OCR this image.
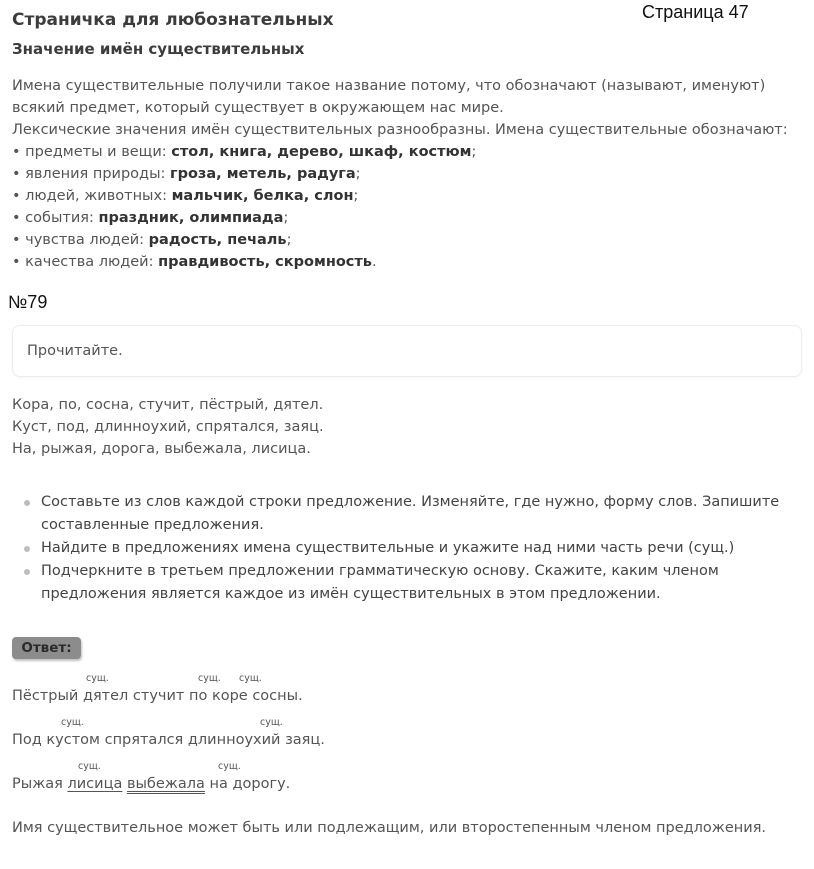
Страничка для любознательных	Страница 47
Значение имён существительных

Имена существительные получили такое название потому, что обозначают (называют, именуют) всякий предмет, который существует в окружающем нас мире.

Лексические значения имён существительных разнообразны. Имена существительные обозначают:

• предметы и вещи: стол, книга, дерево, шкаф, костюм;

• явления природы: гроза, метель, радуга;

• людей, животных: мальчик, белка, слон;

• события: праздник, олимпиада;

• чувства людей: радость, печаль;

• качества людей: правдивость, скромность.

№79
Прочитайте.
Кора, по, сосна, стучит, пёстрый, дятел.
Куст, под, длинноухий, спрятался, заяц.
На, рыжая, дорога, выбежала, лисица.
Составьте из слов каждой строки предложение. Изменяйте, где нужно, форму слов. Запишите составленные предложения.
Найдите в предложениях имена существительные и укажите над ними часть речи (сущ.)
Подчеркните в третьем предложении грамматическую основу. Скажите, каким членом предложения является каждое из имён существительных в этом предложении.
Ответ:
сущ.	сущ. сущ.
Пёстрый дятел стучит по коре сосны.
сущ.	сущ.
Под кустом спрятался длинноухий заяц.
сущ.	сущ.
Рыжая лисица выбежала на дорогу.
Имя существительное может быть или подлежащим, или второстепенным членом предложения.
